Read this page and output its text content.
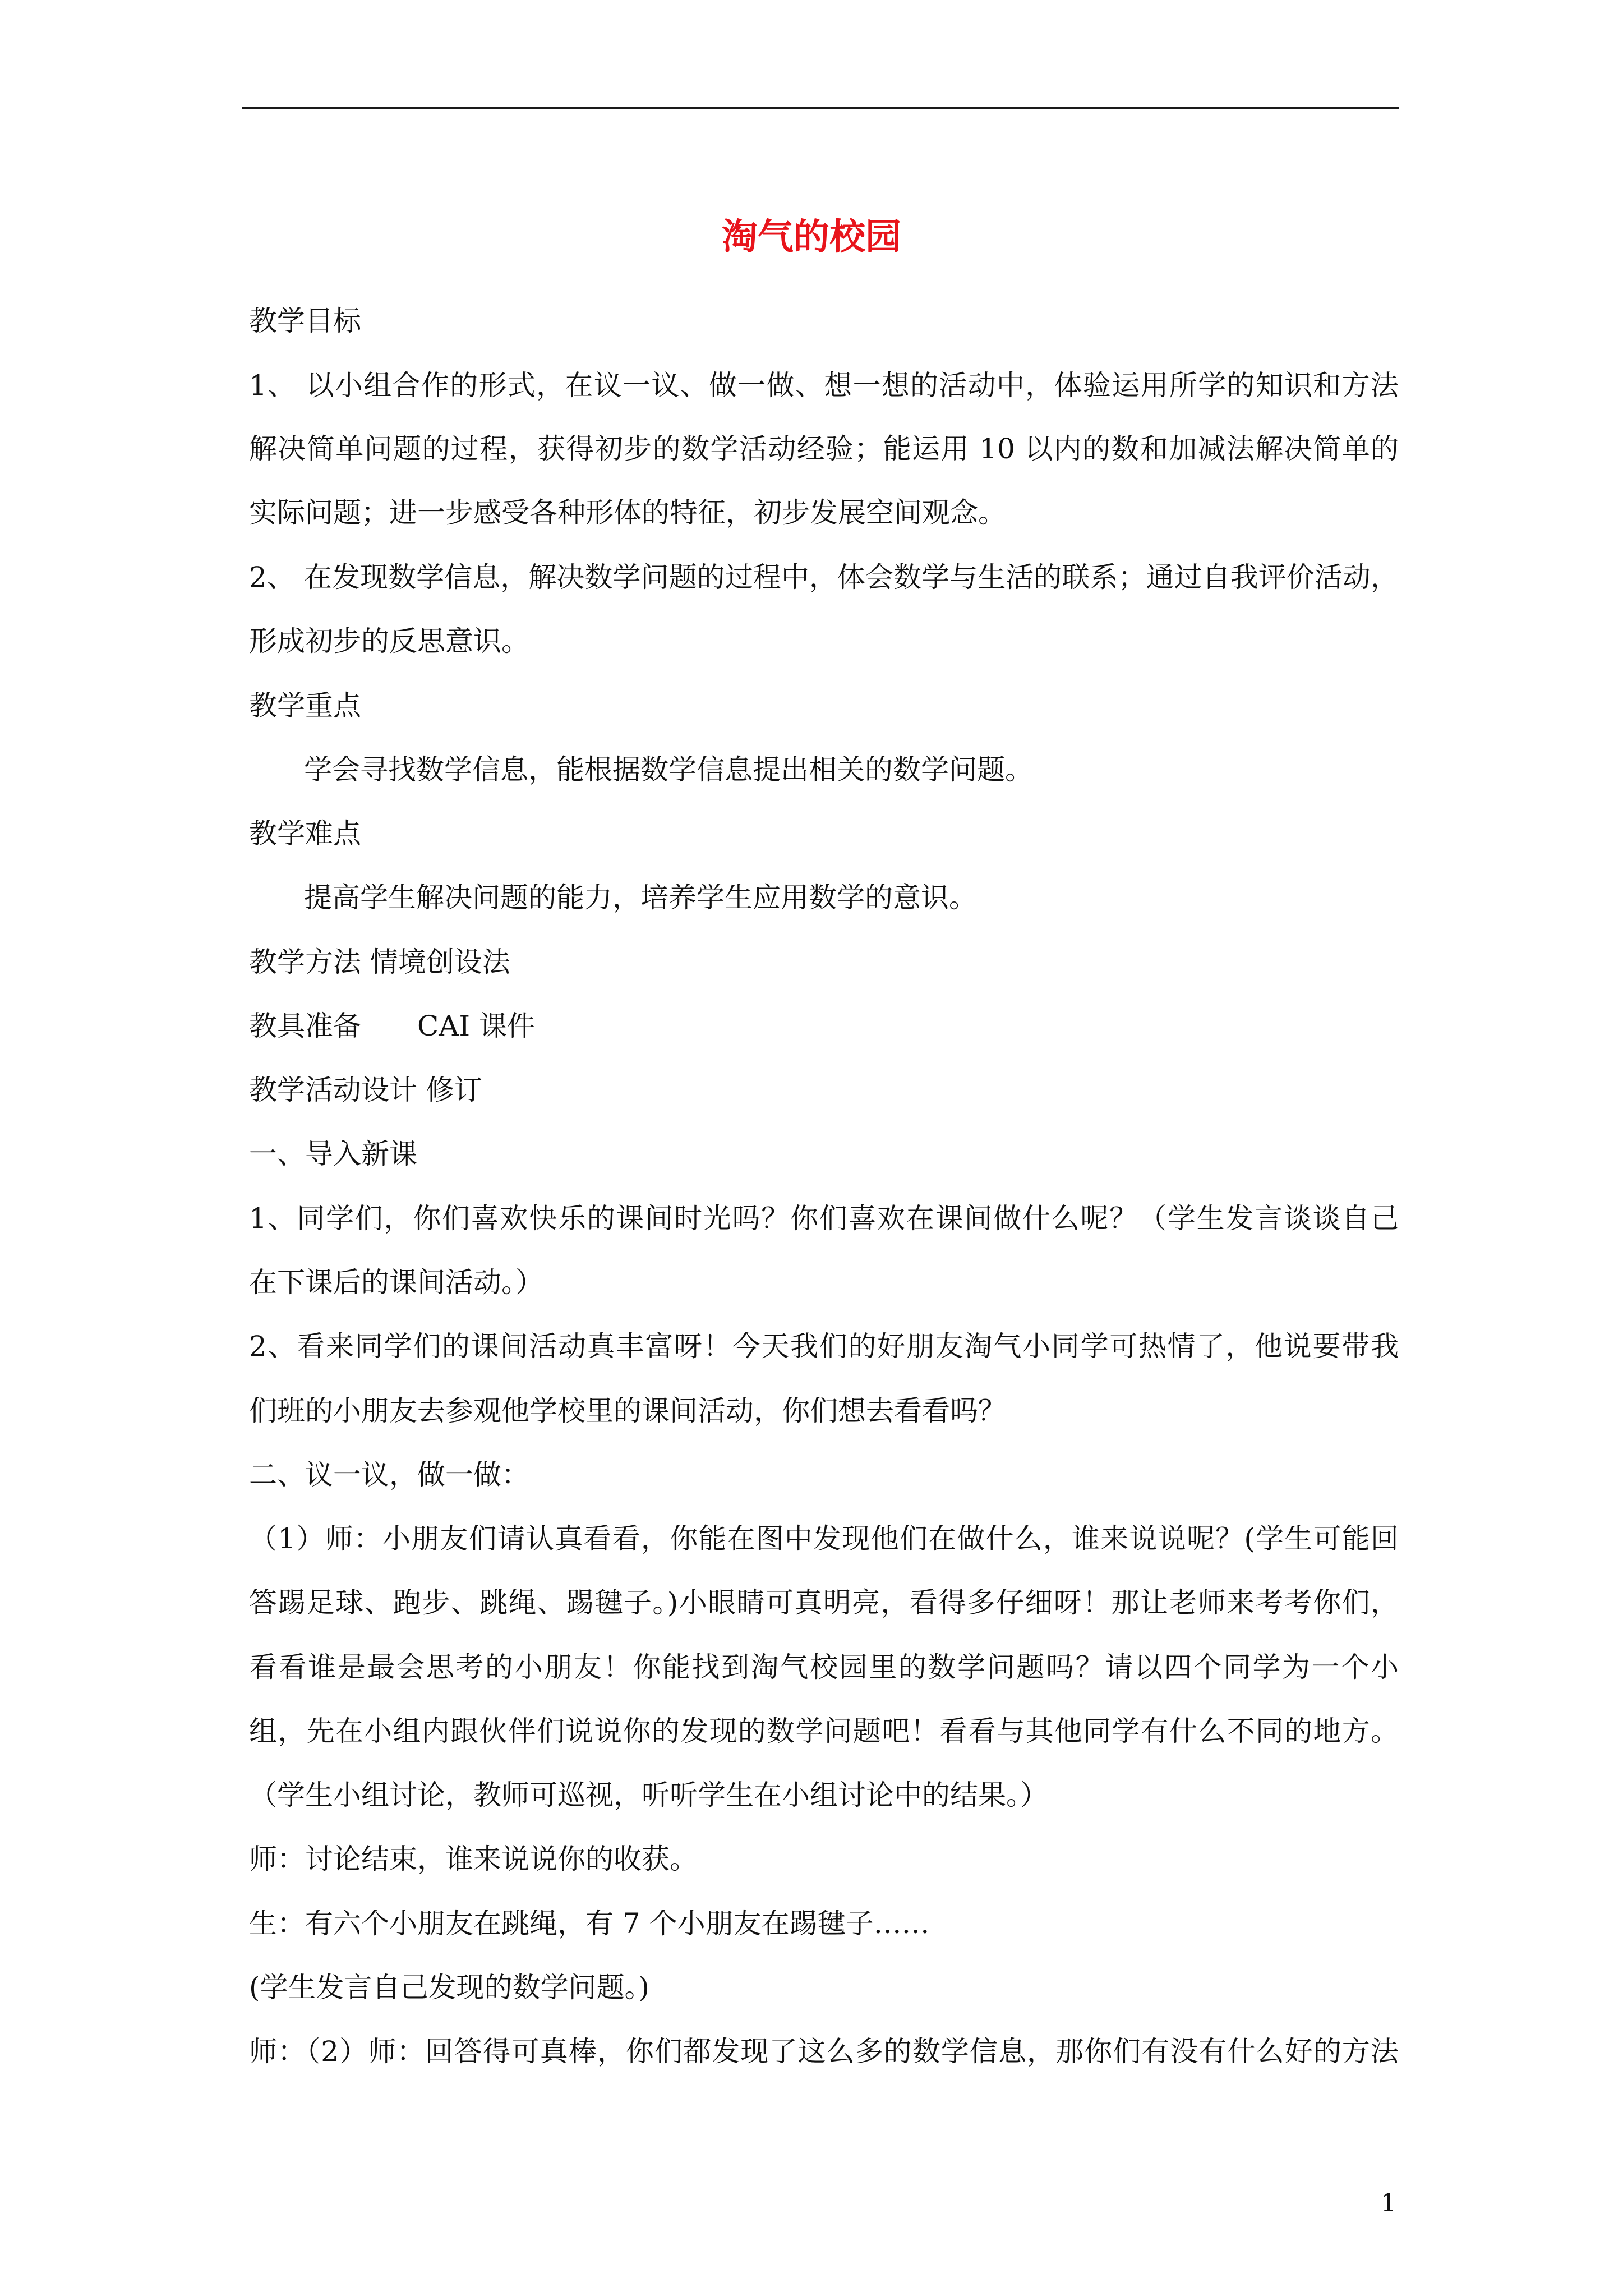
淘气的校园

教学目标

1、 以小组合作的形式，在议一议、做一做、想一想的活动中，体验运用所学的知识和方法

解决简单问题的过程，获得初步的数学活动经验；能运用 10 以内的数和加减法解决简单的

实际问题；进一步感受各种形体的特征，初步发展空间观念。

2、 在发现数学信息，解决数学问题的过程中，体会数学与生活的联系；通过自我评价活动，

形成初步的反思意识。

教学重点

学会寻找数学信息，能根据数学信息提出相关的数学问题。

教学难点

提高学生解决问题的能力，培养学生应用数学的意识。

教学方法 情境创设法

教具准备　　CAI 课件

教学活动设计 修订

一、导入新课

1、同学们，你们喜欢快乐的课间时光吗？你们喜欢在课间做什么呢？（学生发言谈谈自己

在下课后的课间活动。）

2、看来同学们的课间活动真丰富呀！今天我们的好朋友淘气小同学可热情了，他说要带我

们班的小朋友去参观他学校里的课间活动，你们想去看看吗？

二、议一议，做一做：

（1）师：小朋友们请认真看看，你能在图中发现他们在做什么，谁来说说呢？(学生可能回

答踢足球、跑步、跳绳、踢毽子。)小眼睛可真明亮，看得多仔细呀！那让老师来考考你们，

看看谁是最会思考的小朋友！你能找到淘气校园里的数学问题吗？请以四个同学为一个小

组，先在小组内跟伙伴们说说你的发现的数学问题吧！看看与其他同学有什么不同的地方。

（学生小组讨论，教师可巡视，听听学生在小组讨论中的结果。）

师：讨论结束，谁来说说你的收获。

生：有六个小朋友在跳绳，有 7 个小朋友在踢毽子……

(学生发言自己发现的数学问题。)

师：（2）师：回答得可真棒，你们都发现了这么多的数学信息，那你们有没有什么好的方法

1
